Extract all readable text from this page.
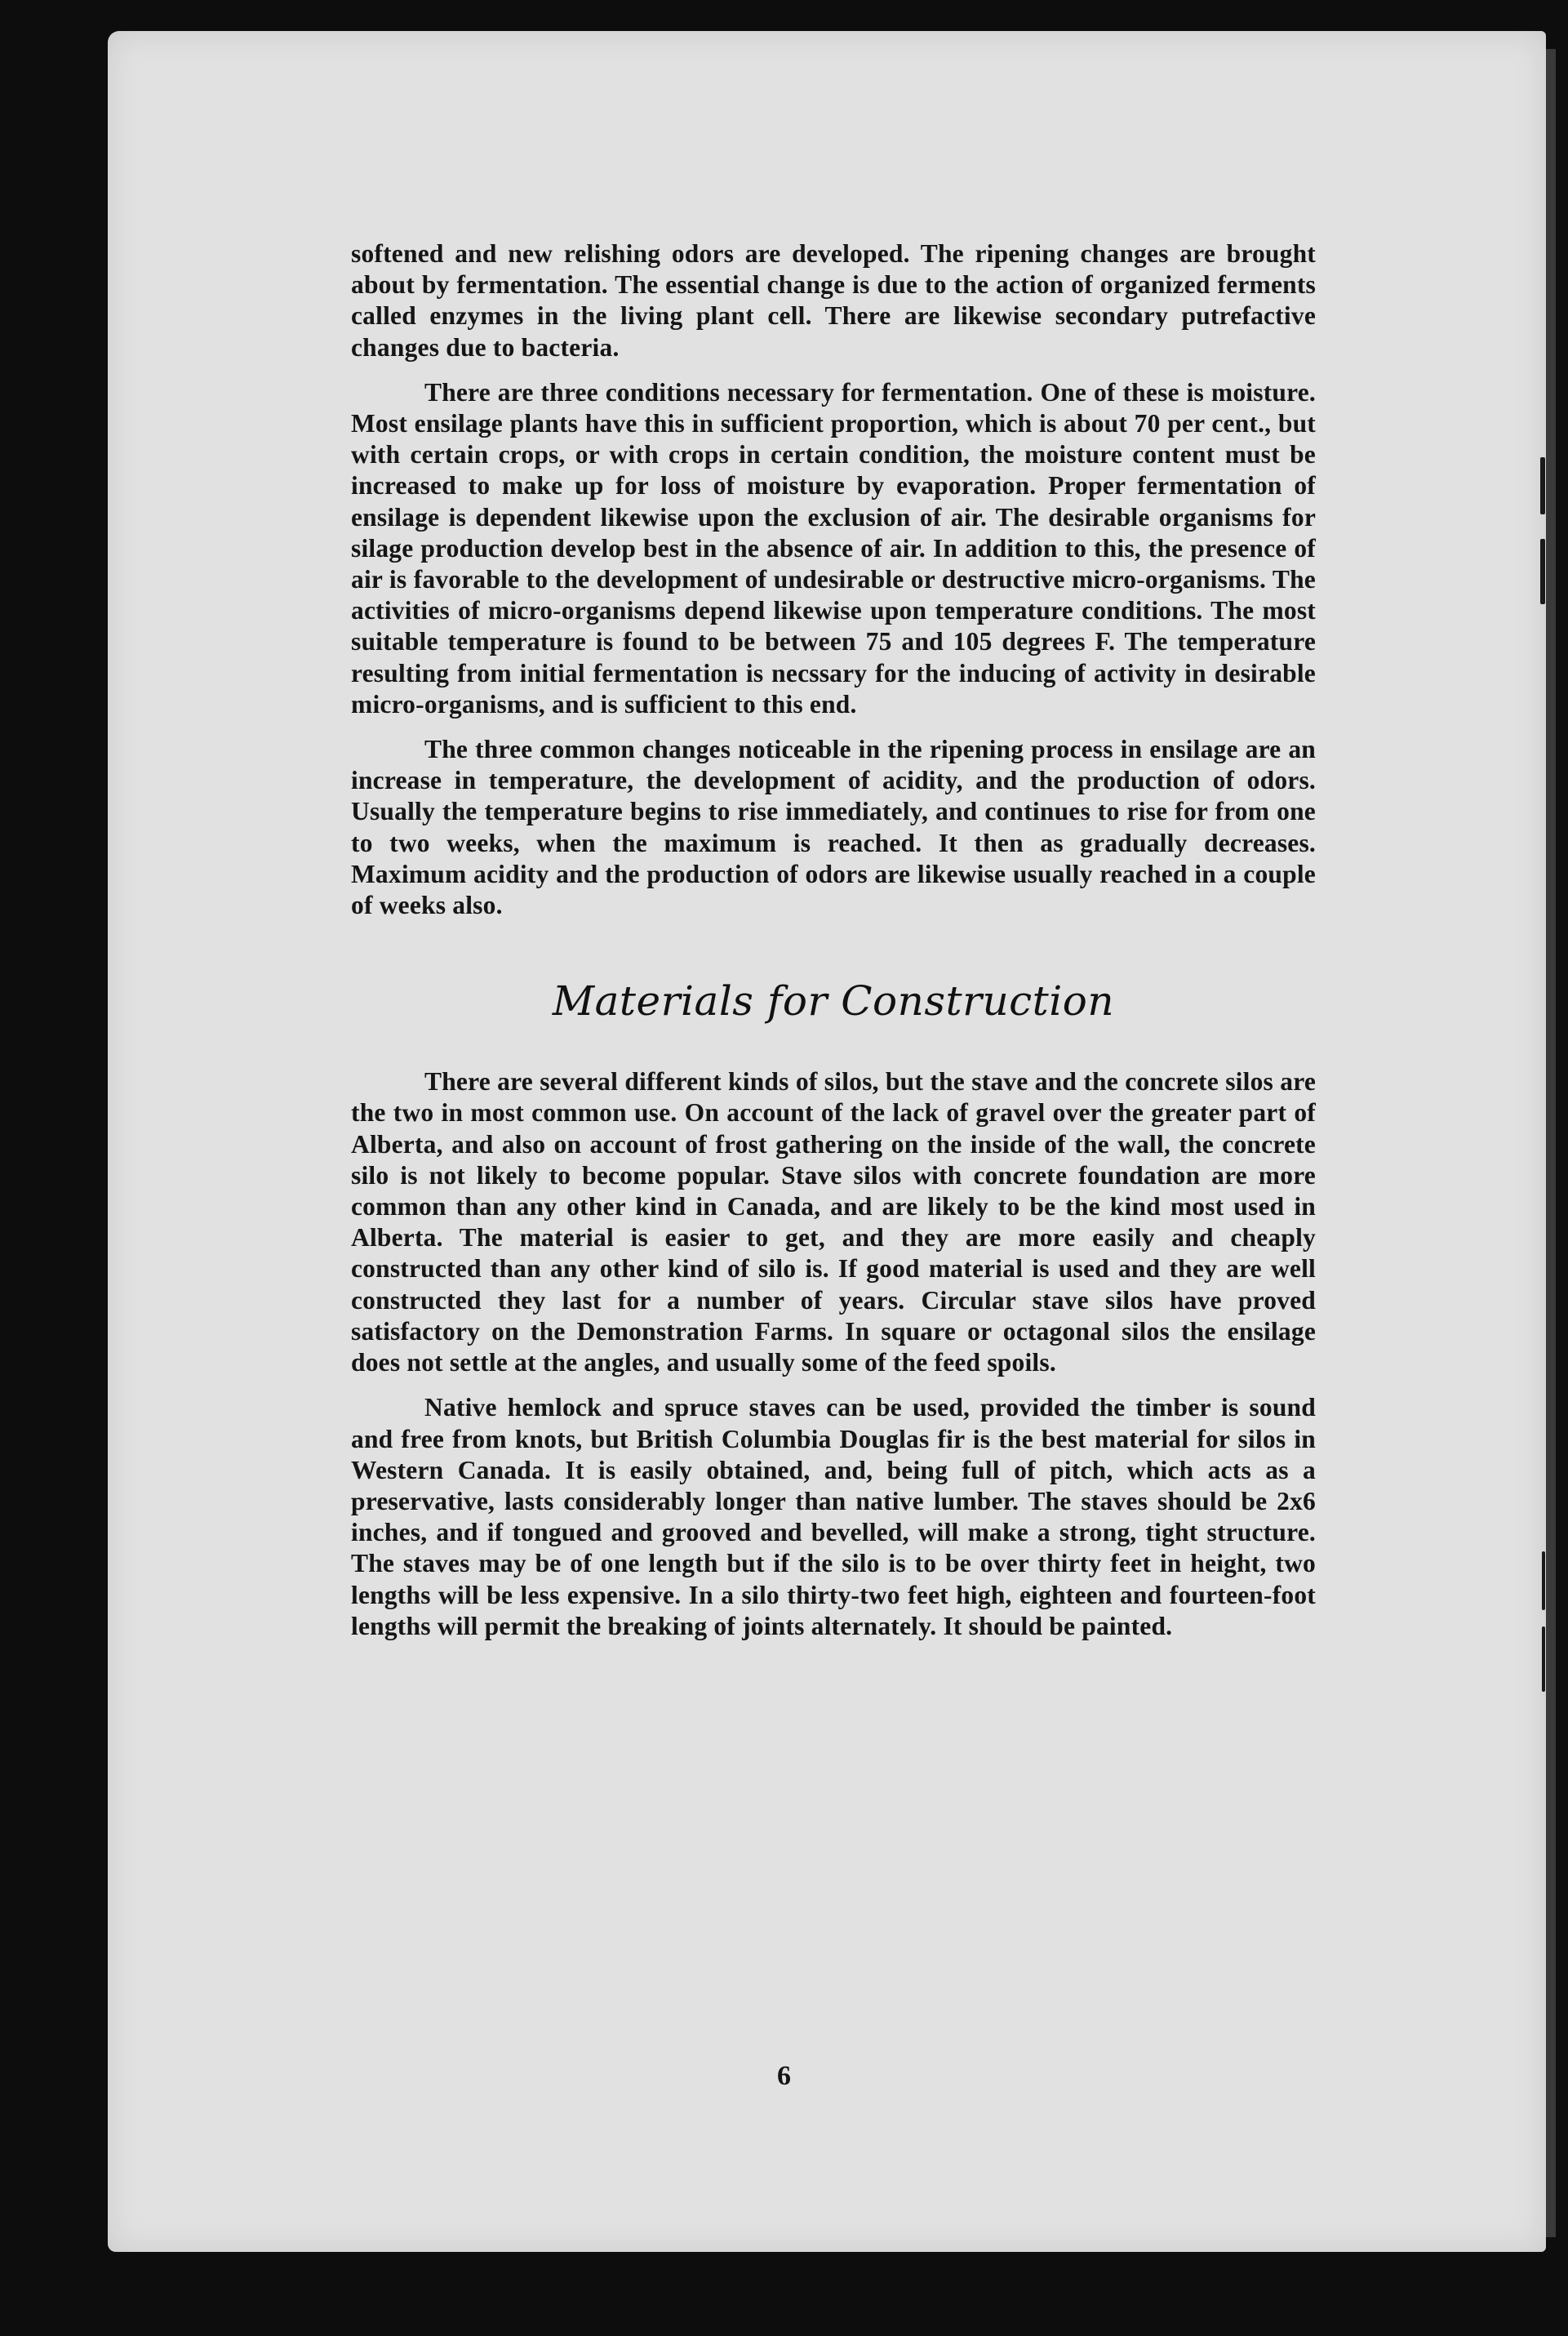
softened and new relishing odors are developed. The ripening changes are brought about by fermentation. The essential change is due to the action of organized ferments called enzymes in the living plant cell. There are likewise secondary putrefactive changes due to bacteria.

There are three conditions necessary for fermentation. One of these is moisture. Most ensilage plants have this in sufficient proportion, which is about 70 per cent., but with certain crops, or with crops in certain condition, the moisture content must be increased to make up for loss of moisture by evaporation. Proper fermentation of ensilage is dependent likewise upon the exclusion of air. The desirable organisms for silage production develop best in the absence of air. In addition to this, the presence of air is favorable to the development of undesirable or destructive micro-organisms. The activities of micro-organisms depend likewise upon temperature conditions. The most suitable temperature is found to be between 75 and 105 degrees F. The temperature resulting from initial fermentation is necssary for the inducing of activity in desirable micro-organisms, and is sufficient to this end.

The three common changes noticeable in the ripening process in ensilage are an increase in temperature, the development of acidity, and the production of odors. Usually the temperature begins to rise immediately, and continues to rise for from one to two weeks, when the maximum is reached. It then as gradually decreases. Maximum acidity and the production of odors are likewise usually reached in a couple of weeks also.

Materials for Construction

There are several different kinds of silos, but the stave and the concrete silos are the two in most common use. On account of the lack of gravel over the greater part of Alberta, and also on account of frost gathering on the inside of the wall, the concrete silo is not likely to become popular. Stave silos with concrete foundation are more common than any other kind in Canada, and are likely to be the kind most used in Alberta. The material is easier to get, and they are more easily and cheaply constructed than any other kind of silo is. If good material is used and they are well constructed they last for a number of years. Circular stave silos have proved satisfactory on the Demonstration Farms. In square or octagonal silos the ensilage does not settle at the angles, and usually some of the feed spoils.

Native hemlock and spruce staves can be used, provided the timber is sound and free from knots, but British Columbia Douglas fir is the best material for silos in Western Canada. It is easily obtained, and, being full of pitch, which acts as a preservative, lasts considerably longer than native lumber. The staves should be 2x6 inches, and if tongued and grooved and bevelled, will make a strong, tight structure. The staves may be of one length but if the silo is to be over thirty feet in height, two lengths will be less expensive. In a silo thirty-two feet high, eighteen and fourteen-foot lengths will permit the breaking of joints alternately. It should be painted.

6
